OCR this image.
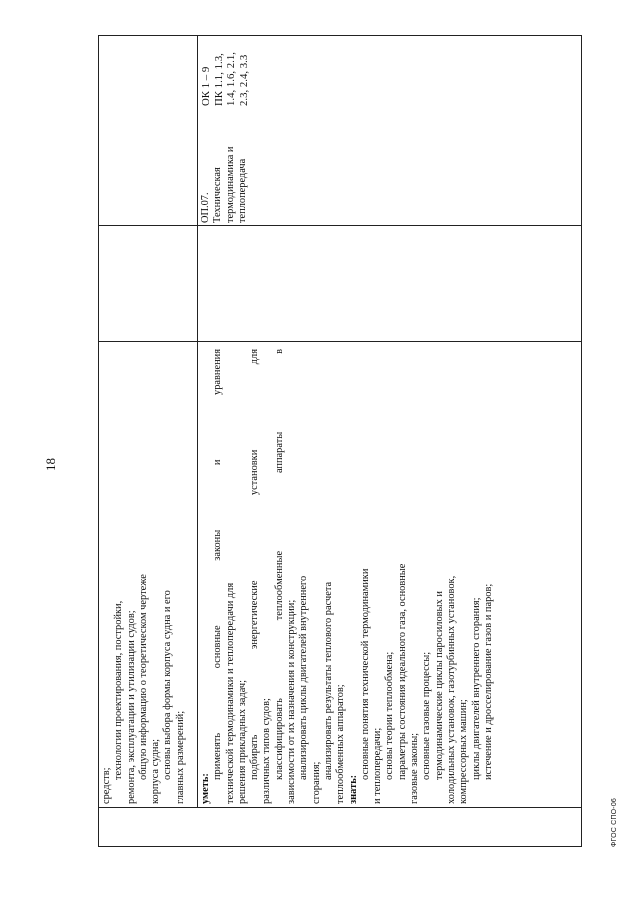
18
средств;
технологии проектирования, постройки, ремонта, эксплуатации и утилизации судов; общую информацию о теоретическом чертеже корпуса судна; основы выбора формы корпуса судна и его главных размерений; уметь:
применять основные законы и уравнения технической термодинамики и теплопередачи для решения прикладных задач; подбирать энергетические установки для различных типов судов; классифицировать теплообменные аппараты в зависимости от их назначения и конструкции; анализировать циклы двигателей внутреннего
сгорания;
анализировать результаты теплового расчета теплообменных аппаратов; знать:
основные понятия технической термодинамики и теплопередачи; основы теории теплообмена; параметры состояния идеального газа, основные газовые законы; основные газовые процессы; термодинамические циклы паросиловых и холодильных установок, газотурбинных установок, компрессорных машин; циклы двигателей внутреннего сгорания; истечение и дросселирование газов и паров;
ОП.07. Техническая термодинамика и теплопередача
ОК 1 – 9 ПК 1.1, 1.3, 1.4, 1.6, 2.1, 2.3, 2.4, 3.3
ФГОС СПО-06
